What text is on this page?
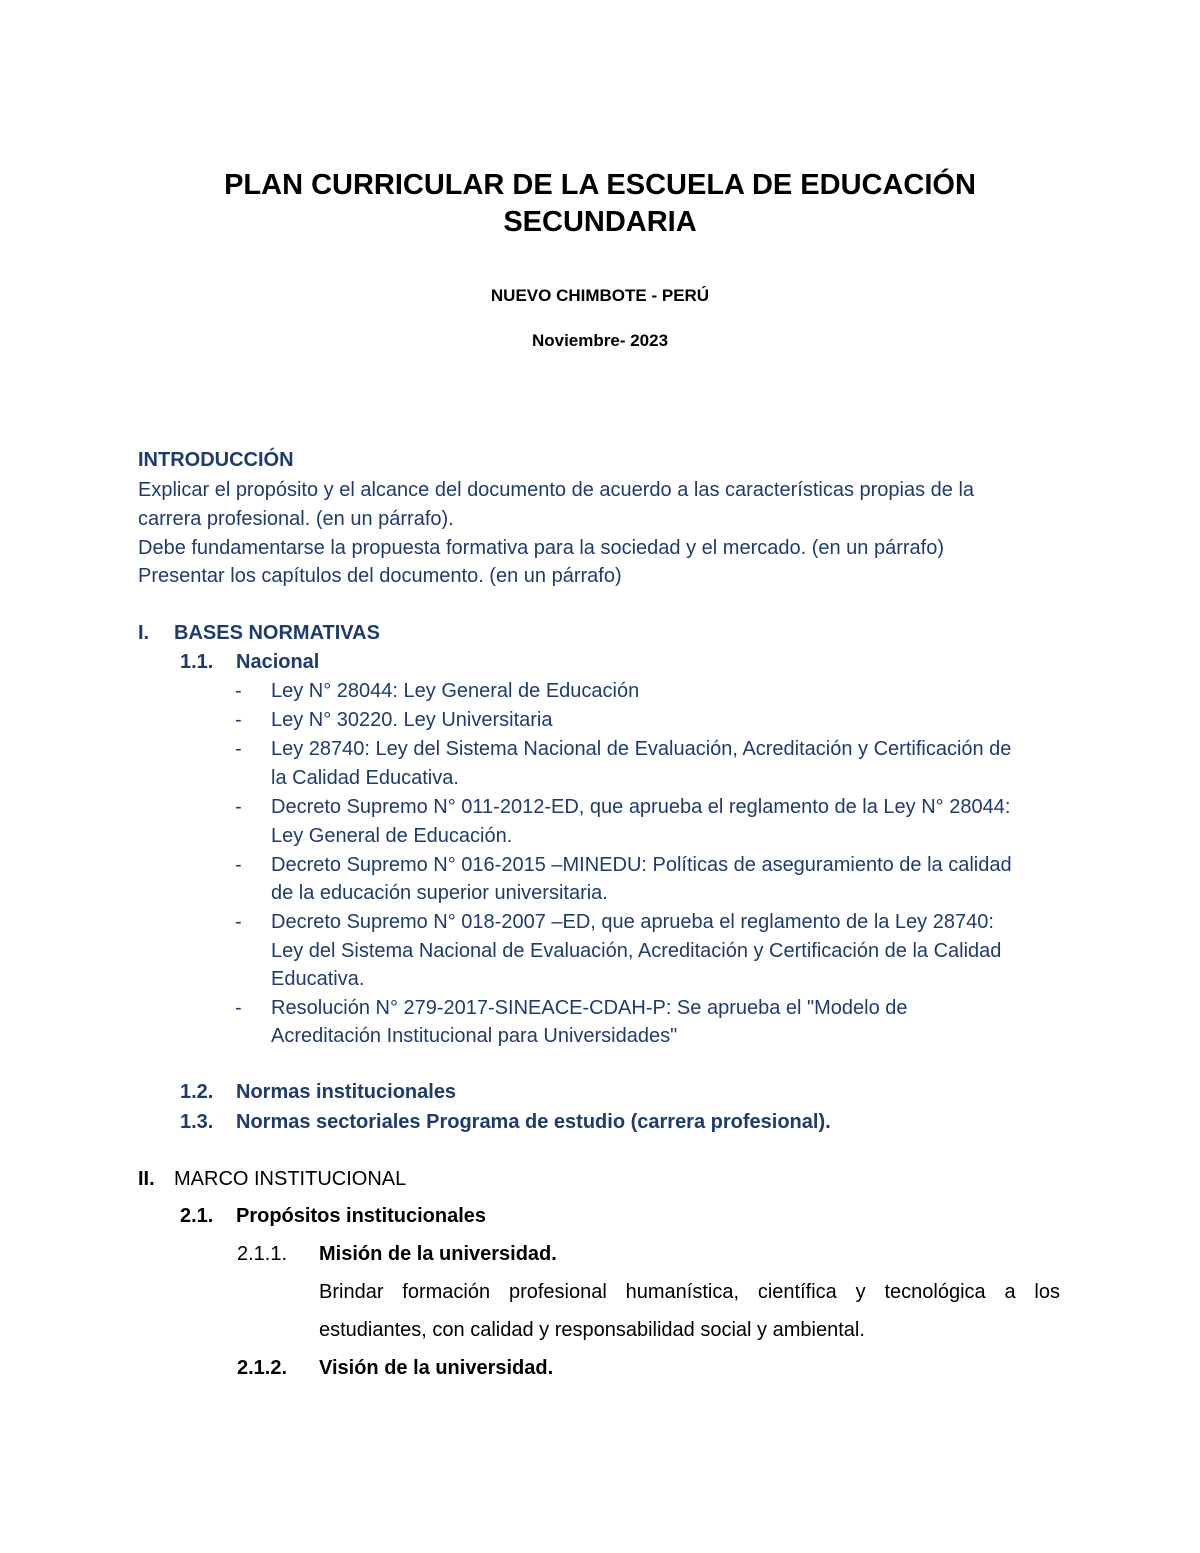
PLAN CURRICULAR DE LA ESCUELA DE EDUCACIÓN

SECUNDARIA

NUEVO CHIMBOTE - PERÚ

Noviembre- 2023

INTRODUCCIÓN

Explicar el propósito y el alcance del documento de acuerdo a las características propias de la

carrera profesional. (en un párrafo).

Debe fundamentarse la propuesta formativa para la sociedad y el mercado. (en un párrafo)

Presentar los capítulos del documento. (en un párrafo)

I. BASES NORMATIVAS

1.1. Nacional

- Ley N° 28044: Ley General de Educación

- Ley N° 30220. Ley Universitaria

- Ley 28740: Ley del Sistema Nacional de Evaluación, Acreditación y Certificación de

la Calidad Educativa.

- Decreto Supremo N° 011-2012-ED, que aprueba el reglamento de la Ley N° 28044:

Ley General de Educación.

- Decreto Supremo N° 016-2015 –MINEDU: Políticas de aseguramiento de la calidad

de la educación superior universitaria.

- Decreto Supremo N° 018-2007 –ED, que aprueba el reglamento de la Ley 28740:

Ley del Sistema Nacional de Evaluación, Acreditación y Certificación de la Calidad

Educativa.

- Resolución N° 279-2017-SINEACE-CDAH-P: Se aprueba el "Modelo de

Acreditación Institucional para Universidades"

1.2. Normas institucionales

1.3. Normas sectoriales Programa de estudio (carrera profesional).

II. MARCO INSTITUCIONAL

2.1. Propósitos institucionales

2.1.1. Misión de la universidad.

Brindar formación profesional humanística, científica y tecnológica a los

estudiantes, con calidad y responsabilidad social y ambiental.

2.1.2. Visión de la universidad.
